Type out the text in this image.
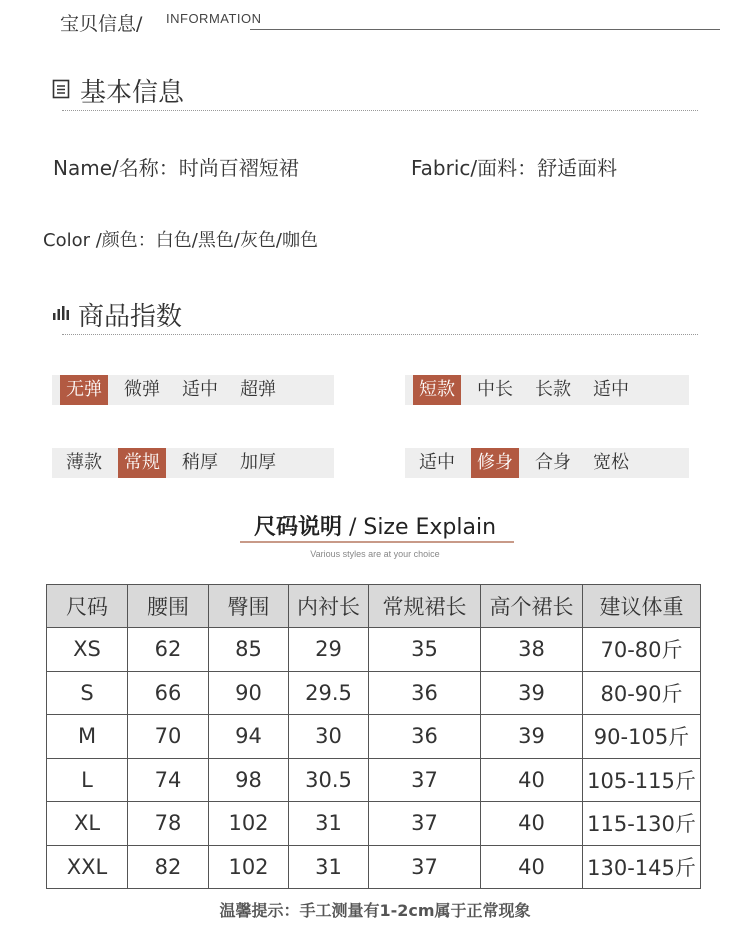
宝贝信息/ INFORMATION
基本信息
Name/名称：时尚百褶短裙	Fabric/面料：舒适面料
Color /颜色：白色/黑色/灰色/咖色
商品指数
无弹	微弹	适中	超弹	短款	中长	长款	适中
薄款	常规	稍厚	加厚	适中	修身	合身	宽松
尺码说明 / Size Explain
Various styles are at your choice
尺码	腰围	臀围	内衬长	常规裙长	高个裙长	建议体重
XS	62	85	29	35	38	70-80斤
S	66	90	29.5	36	39	80-90斤
M	70	94	30	36	39	90-105斤
L	74	98	30.5	37	40	105-115斤
XL	78	102	31	37	40	115-130斤
XXL	82	102	31	37	40	130-145斤
温馨提示：手工测量有1-2cm属于正常现象
